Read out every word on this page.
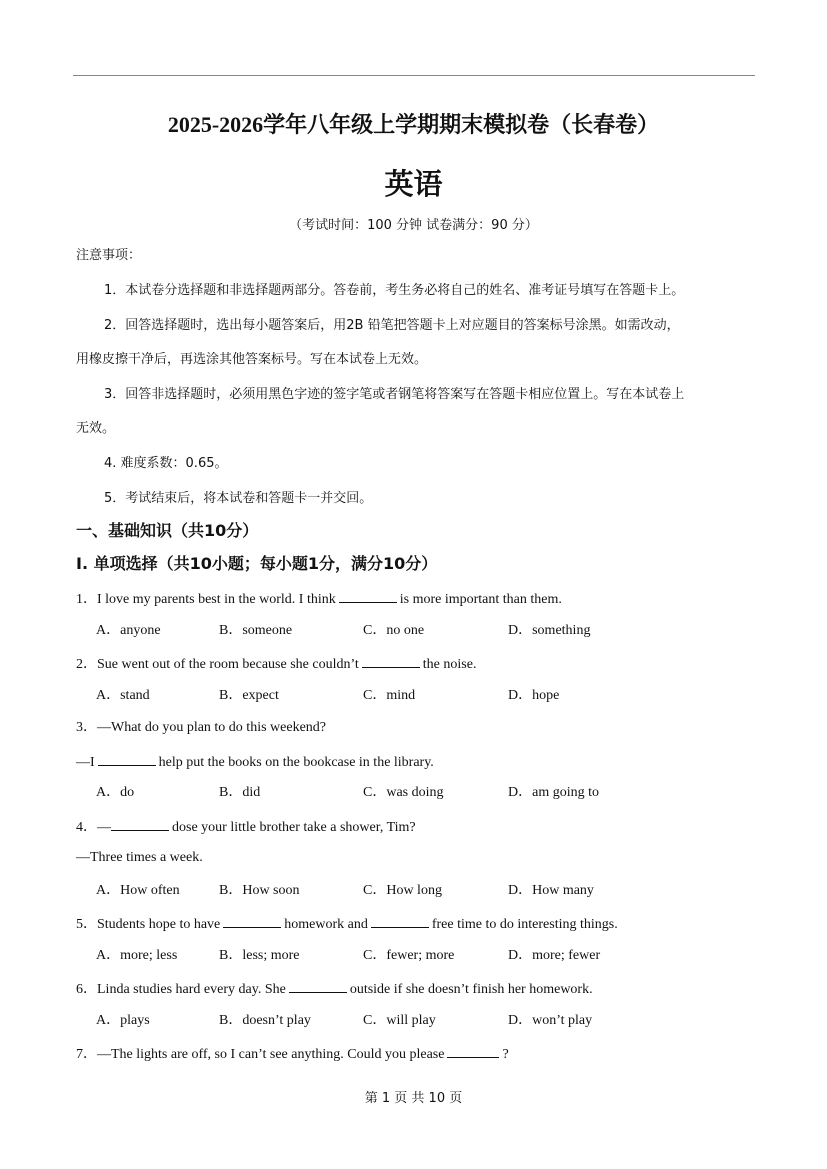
2025-2026学年八年级上学期期末模拟卷（长春卷）
英语
（考试时间：100 分钟 试卷满分：90 分）
注意事项：
1．本试卷分选择题和非选择题两部分。答卷前，考生务必将自己的姓名、准考证号填写在答题卡上。
2．回答选择题时，选出每小题答案后，用2B 铅笔把答题卡上对应题目的答案标号涂黑。如需改动，
用橡皮擦干净后，再选涂其他答案标号。写在本试卷上无效。
3．回答非选择题时，必须用黑色字迹的签字笔或者钢笔将答案写在答题卡相应位置上。写在本试卷上
无效。
4. 难度系数：0.65。
5．考试结束后，将本试卷和答题卡一并交回。
一、基础知识（共10分）
I. 单项选择（共10小题；每小题1分，满分10分）
1．I love my parents best in the world. I think	is more important than them.
A．anyone	B．someone	C．no one	D．something
2．Sue went out of the room because she couldn’t	the noise.
A．stand	B．expect	C．mind	D．hope
3．—What do you plan to do this weekend?
—I	help put the books on the bookcase in the library.
A．do	B．did	C．was doing	D．am going to
4．—	dose your little brother take a shower, Tim?
—Three times a week.
A．How often	B．How soon	C．How long	D．How many
5．Students hope to have	homework and	free time to do interesting things.
A．more; less	B．less; more	C．fewer; more	D．more; fewer
6．Linda studies hard every day. She	outside if she doesn’t finish her homework.
A．plays	B．doesn’t play	C．will play	D．won’t play
7．—The lights are off, so I can’t see anything. Could you please	?
第 1 页 共 10 页
